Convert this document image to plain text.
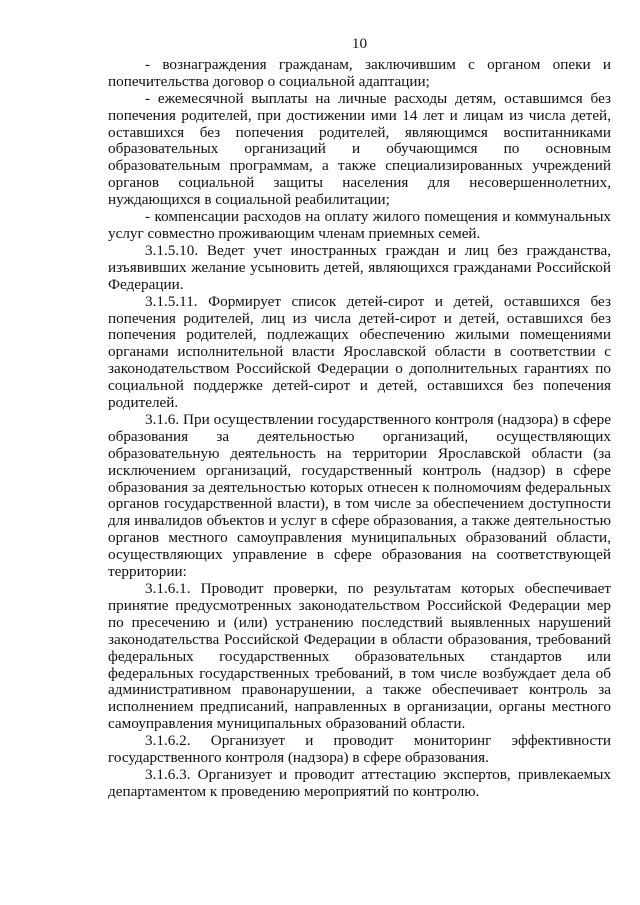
10

- вознаграждения гражданам, заключившим с органом опеки и попечительства договор о социальной адаптации;

- ежемесячной выплаты на личные расходы детям, оставшимся без попечения родителей, при достижении ими 14 лет и лицам из числа детей, оставшихся без попечения родителей, являющимся воспитанниками образовательных организаций и обучающимся по основным образовательным программам, а также специализированных учреждений органов социальной защиты населения для несовершеннолетних, нуждающихся в социальной реабилитации;

- компенсации расходов на оплату жилого помещения и коммунальных услуг совместно проживающим членам приемных семей.

3.1.5.10. Ведет учет иностранных граждан и лиц без гражданства, изъявивших желание усыновить детей, являющихся гражданами Российской Федерации.

3.1.5.11. Формирует список детей-сирот и детей, оставшихся без попечения родителей, лиц из числа детей-сирот и детей, оставшихся без попечения родителей, подлежащих обеспечению жилыми помещениями органами исполнительной власти Ярославской области в соответствии с законодательством Российской Федерации о дополнительных гарантиях по социальной поддержке детей-сирот и детей, оставшихся без попечения родителей.

3.1.6. При осуществлении государственного контроля (надзора) в сфере образования за деятельностью организаций, осуществляющих образовательную деятельность на территории Ярославской области (за исключением организаций, государственный контроль (надзор) в сфере образования за деятельностью которых отнесен к полномочиям федеральных органов государственной власти), в том числе за обеспечением доступности для инвалидов объектов и услуг в сфере образования, а также деятельностью органов местного самоуправления муниципальных образований области, осуществляющих управление в сфере образования на соответствующей территории:

3.1.6.1. Проводит проверки, по результатам которых обеспечивает принятие предусмотренных законодательством Российской Федерации мер по пресечению и (или) устранению последствий выявленных нарушений законодательства Российской Федерации в области образования, требований федеральных государственных образовательных стандартов или федеральных государственных требований, в том числе возбуждает дела об административном правонарушении, а также обеспечивает контроль за исполнением предписаний, направленных в организации, органы местного самоуправления муниципальных образований области.

3.1.6.2. Организует и проводит мониторинг эффективности государственного контроля (надзора) в сфере образования.

3.1.6.3. Организует и проводит аттестацию экспертов, привлекаемых департаментом к проведению мероприятий по контролю.
